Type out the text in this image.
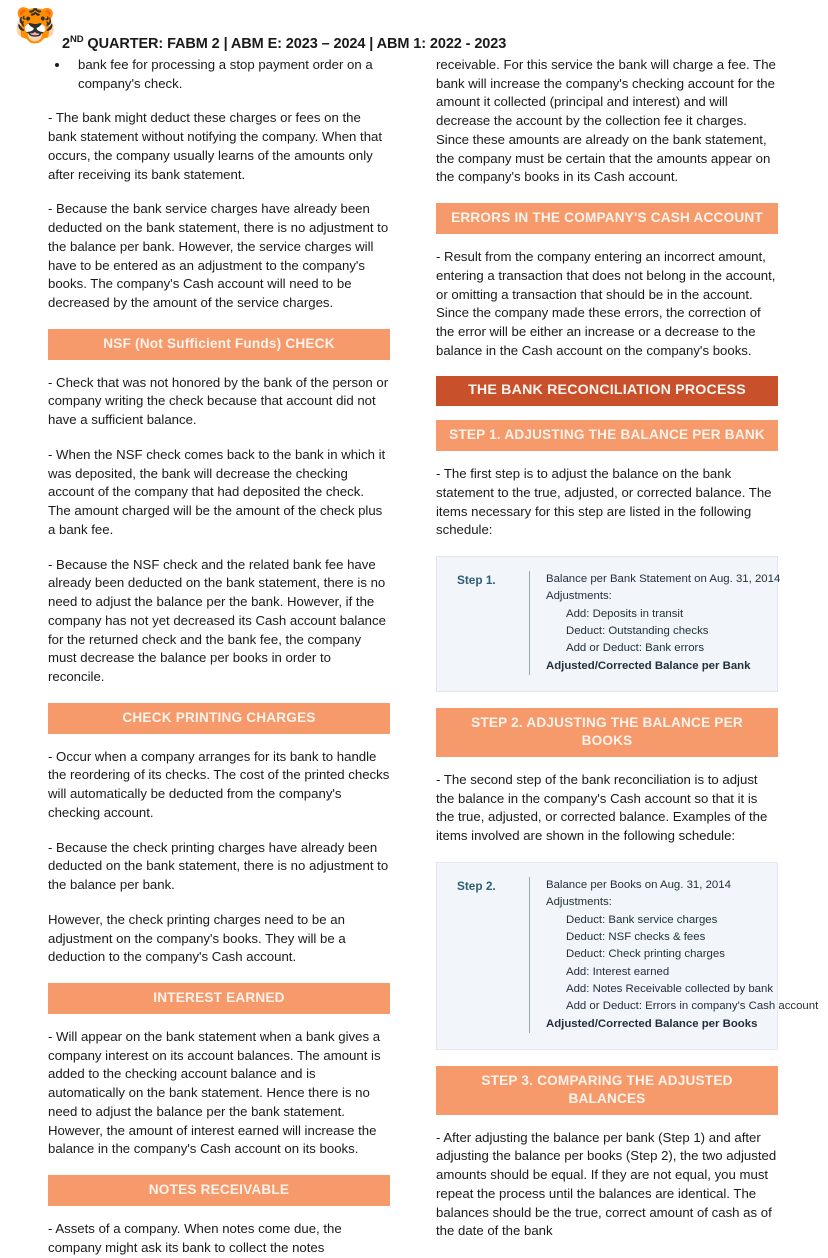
🐯 2ND QUARTER: FABM 2 | ABM E: 2023 – 2024 | ABM 1: 2022 - 2023
• bank fee for processing a stop payment order on a company's check.

- The bank might deduct these charges or fees on the bank statement without notifying the company. When that occurs, the company usually learns of the amounts only after receiving its bank statement.

- Because the bank service charges have already been deducted on the bank statement, there is no adjustment to the balance per bank. However, the service charges will have to be entered as an adjustment to the company's books. The company's Cash account will need to be decreased by the amount of the service charges.

NSF (Not Sufficient Funds) CHECK

- Check that was not honored by the bank of the person or company writing the check because that account did not have a sufficient balance.

- When the NSF check comes back to the bank in which it was deposited, the bank will decrease the checking account of the company that had deposited the check. The amount charged will be the amount of the check plus a bank fee.

- Because the NSF check and the related bank fee have already been deducted on the bank statement, there is no need to adjust the balance per the bank. However, if the company has not yet decreased its Cash account balance for the returned check and the bank fee, the company must decrease the balance per books in order to reconcile.

CHECK PRINTING CHARGES

- Occur when a company arranges for its bank to handle the reordering of its checks. The cost of the printed checks will automatically be deducted from the company's checking account.

- Because the check printing charges have already been deducted on the bank statement, there is no adjustment to the balance per bank.

However, the check printing charges need to be an adjustment on the company's books. They will be a deduction to the company's Cash account.

INTEREST EARNED

- Will appear on the bank statement when a bank gives a company interest on its account balances. The amount is added to the checking account balance and is automatically on the bank statement. Hence there is no need to adjust the balance per the bank statement. However, the amount of interest earned will increase the balance in the company's Cash account on its books.

NOTES RECEIVABLE

- Assets of a company. When notes come due, the company might ask its bank to collect the notes

receivable. For this service the bank will charge a fee. The bank will increase the company's checking account for the amount it collected (principal and interest) and will decrease the account by the collection fee it charges. Since these amounts are already on the bank statement, the company must be certain that the amounts appear on the company's books in its Cash account.

ERRORS IN THE COMPANY'S CASH ACCOUNT

- Result from the company entering an incorrect amount, entering a transaction that does not belong in the account, or omitting a transaction that should be in the account. Since the company made these errors, the correction of the error will be either an increase or a decrease to the balance in the Cash account on the company's books.

THE BANK RECONCILIATION PROCESS
STEP 1. ADJUSTING THE BALANCE PER BANK

- The first step is to adjust the balance on the bank statement to the true, adjusted, or corrected balance. The items necessary for this step are listed in the following schedule:

Step 1.	Balance per Bank Statement on Aug. 31, 2014
Adjustments:
Add: Deposits in transit
Deduct: Outstanding checks
Add or Deduct: Bank errors
Adjusted/Corrected Balance per Bank
STEP 2. ADJUSTING THE BALANCE PER BOOKS

- The second step of the bank reconciliation is to adjust the balance in the company's Cash account so that it is the true, adjusted, or corrected balance. Examples of the items involved are shown in the following schedule:

Step 2.	Balance per Books on Aug. 31, 2014
Adjustments:
Deduct: Bank service charges
Deduct: NSF checks & fees
Deduct: Check printing charges
Add: Interest earned
Add: Notes Receivable collected by bank
Add or Deduct: Errors in company's Cash account
Adjusted/Corrected Balance per Books
STEP 3. COMPARING THE ADJUSTED BALANCES

- After adjusting the balance per bank (Step 1) and after adjusting the balance per books (Step 2), the two adjusted amounts should be equal. If they are not equal, you must repeat the process until the balances are identical. The balances should be the true, correct amount of cash as of the date of the bank
